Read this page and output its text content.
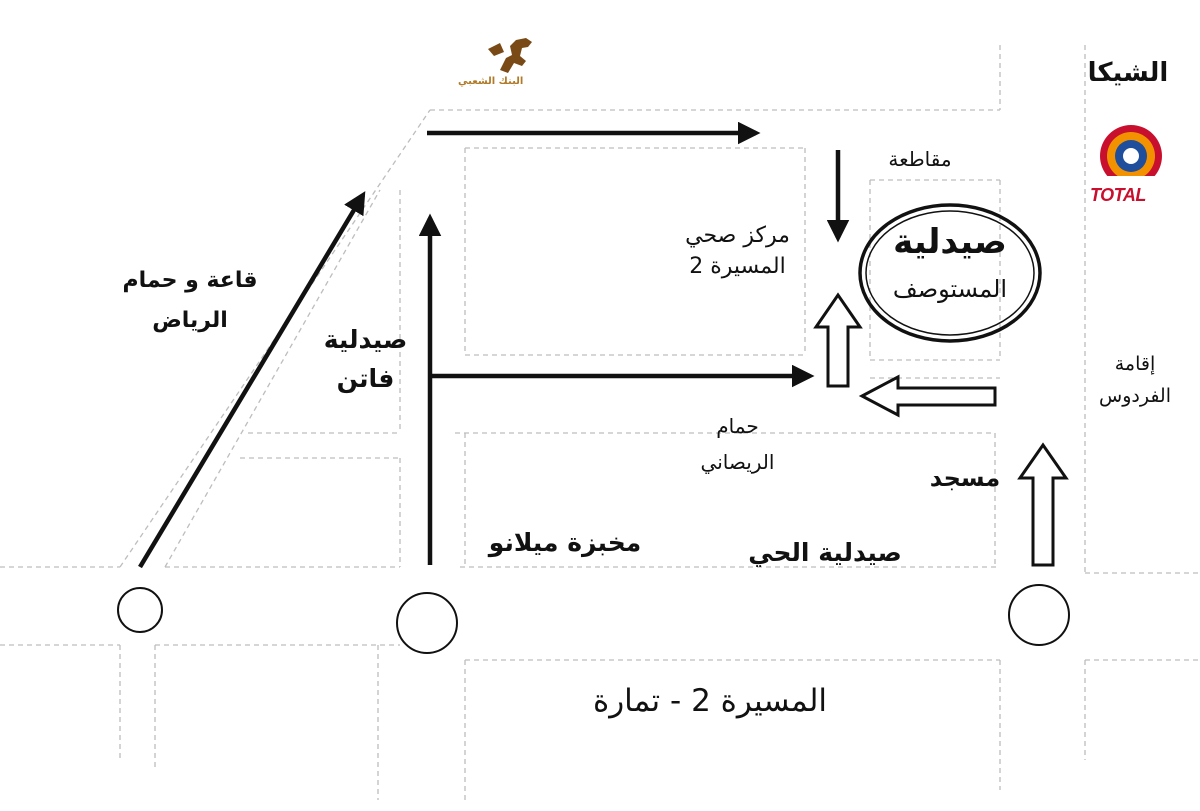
الشيكا
مقاطعة
مركز صحي
المسيرة 2
صيدلية
المستوصف
قاعة و حمام
الرياض
صيدلية
فاتن	إقامة
الفردوس
حمام
الريصاني
مسجد
مخبزة ميلانو	صيدلية الحي
المسيرة 2 - تمارة
TOTAL
البنك الشعبي
